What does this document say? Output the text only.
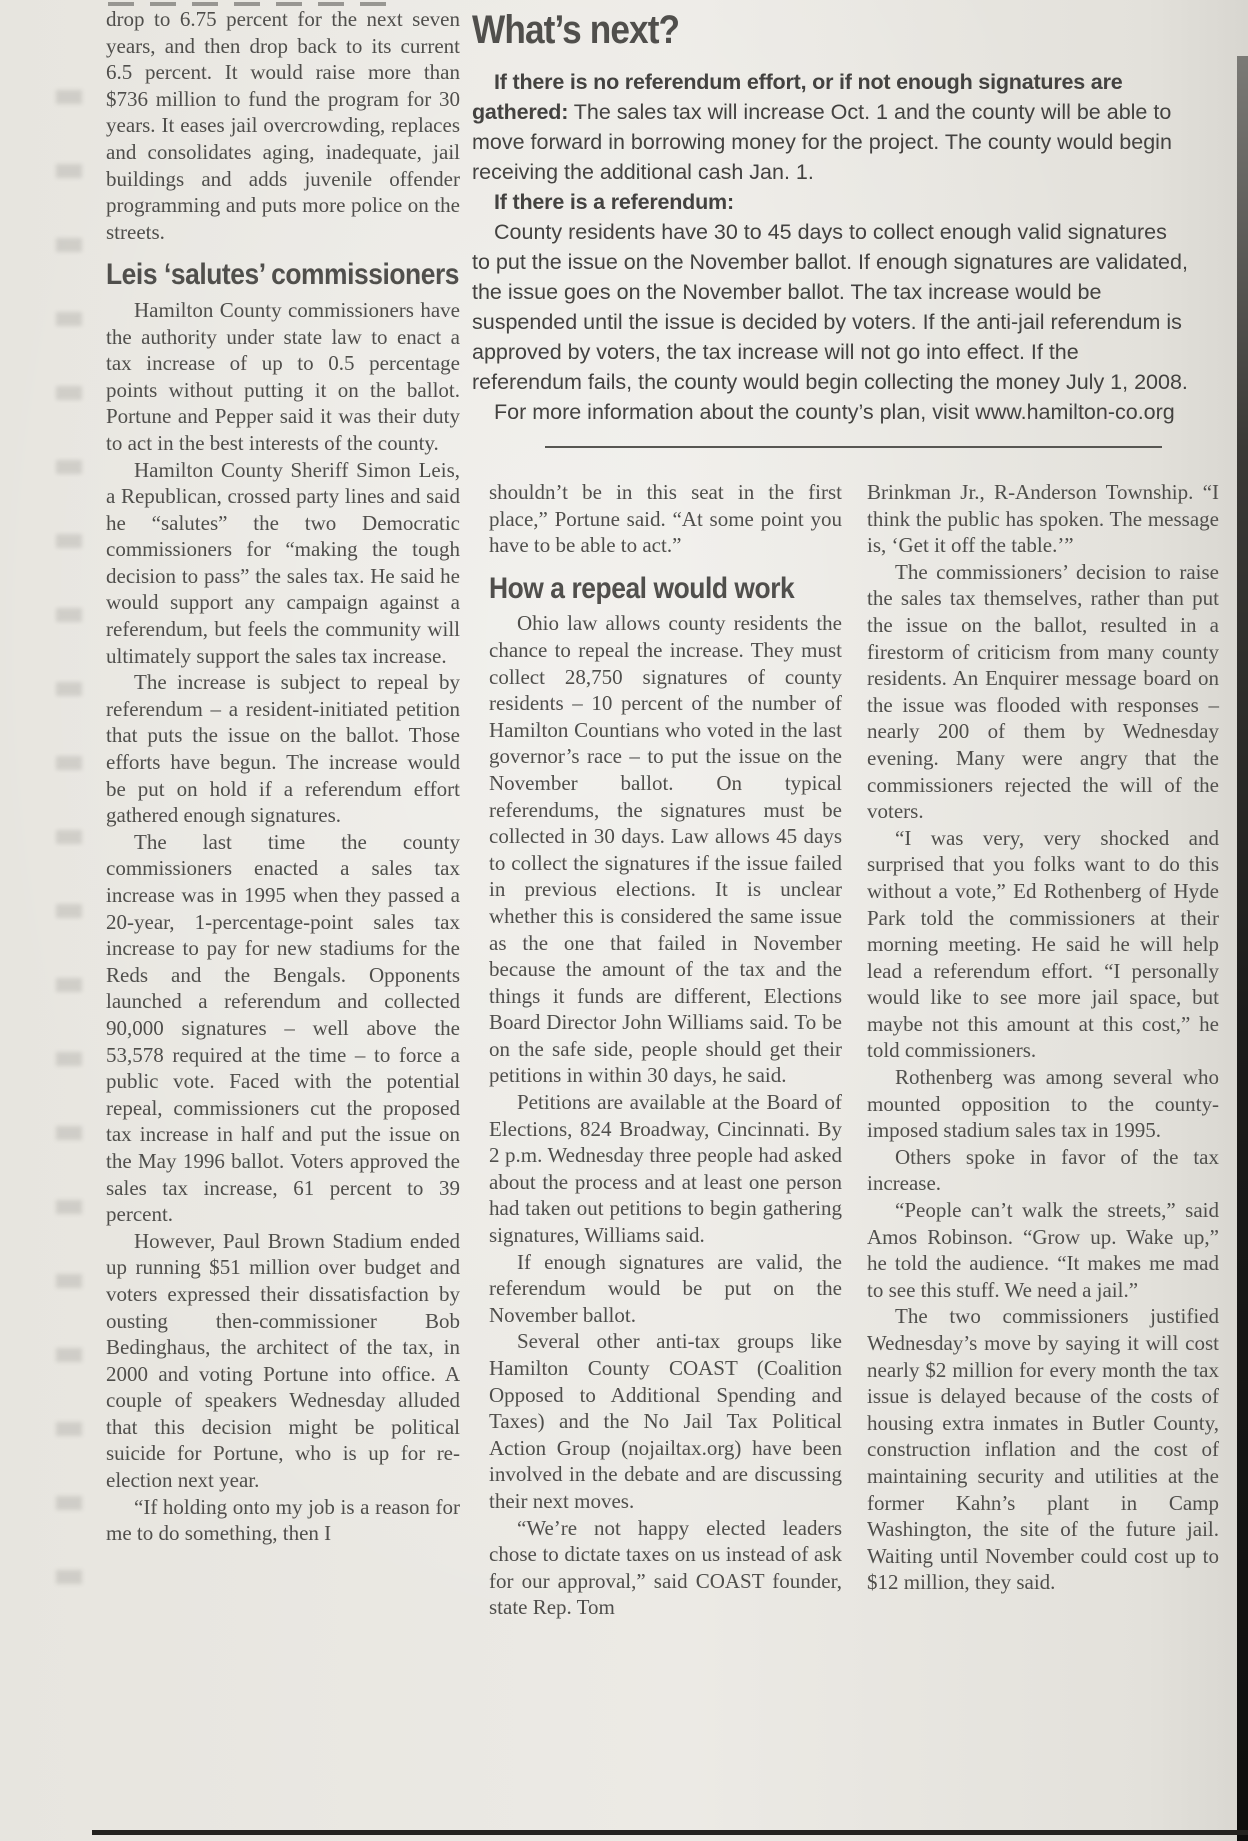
drop to 6.75 percent for the next seven years, and then drop back to its current 6.5 percent. It would raise more than $736 million to fund the program for 30 years. It eases jail overcrowding, replaces and consolidates aging, inadequate, jail buildings and adds juvenile offender programming and puts more police on the streets.

Leis ‘salutes’ commissioners

Hamilton County commissioners have the authority under state law to enact a tax increase of up to 0.5 percentage points without putting it on the ballot. Portune and Pepper said it was their duty to act in the best interests of the county.

Hamilton County Sheriff Simon Leis, a Republican, crossed party lines and said he “salutes” the two Democratic commissioners for “making the tough decision to pass” the sales tax. He said he would support any campaign against a referendum, but feels the community will ultimately support the sales tax increase.

The increase is subject to repeal by referendum – a resident-initiated petition that puts the issue on the ballot. Those efforts have begun. The increase would be put on hold if a referendum effort gathered enough signatures.

The last time the county commissioners enacted a sales tax increase was in 1995 when they passed a 20-year, 1-percentage-point sales tax increase to pay for new stadiums for the Reds and the Bengals. Opponents launched a referendum and collected 90,000 signatures – well above the 53,578 required at the time – to force a public vote. Faced with the potential repeal, commissioners cut the proposed tax increase in half and put the issue on the May 1996 ballot. Voters approved the sales tax increase, 61 percent to 39 percent.

However, Paul Brown Stadium ended up running $51 million over budget and voters expressed their dissatisfaction by ousting then-commissioner Bob Bedinghaus, the architect of the tax, in 2000 and voting Portune into office. A couple of speakers Wednesday alluded that this decision might be political suicide for Portune, who is up for re-election next year.

“If holding onto my job is a reason for me to do something, then I

What’s next?

If there is no referendum effort, or if not enough signatures are gathered: The sales tax will increase Oct. 1 and the county will be able to move forward in borrowing money for the project. The county would begin receiving the additional cash Jan. 1.

If there is a referendum:

County residents have 30 to 45 days to collect enough valid signatures to put the issue on the November ballot. If enough signatures are validated, the issue goes on the November ballot. The tax increase would be suspended until the issue is decided by voters. If the anti-jail referendum is approved by voters, the tax increase will not go into effect. If the referendum fails, the county would begin collecting the money July 1, 2008.

For more information about the county’s plan, visit www.hamilton-co.org

shouldn’t be in this seat in the first place,” Portune said. “At some point you have to be able to act.”

How a repeal would work

Ohio law allows county residents the chance to repeal the increase. They must collect 28,750 signatures of county residents – 10 percent of the number of Hamilton Countians who voted in the last governor’s race – to put the issue on the November ballot. On typical referendums, the signatures must be collected in 30 days. Law allows 45 days to collect the signatures if the issue failed in previous elections. It is unclear whether this is considered the same issue as the one that failed in November because the amount of the tax and the things it funds are different, Elections Board Director John Williams said. To be on the safe side, people should get their petitions in within 30 days, he said.

Petitions are available at the Board of Elections, 824 Broadway, Cincinnati. By 2 p.m. Wednesday three people had asked about the process and at least one person had taken out petitions to begin gathering signatures, Williams said.

If enough signatures are valid, the referendum would be put on the November ballot.

Several other anti-tax groups like Hamilton County COAST (Coalition Opposed to Additional Spending and Taxes) and the No Jail Tax Political Action Group (nojailtax.org) have been involved in the debate and are discussing their next moves.

“We’re not happy elected leaders chose to dictate taxes on us instead of ask for our approval,” said COAST founder, state Rep. Tom

Brinkman Jr., R-Anderson Township. “I think the public has spoken. The message is, ‘Get it off the table.’”

The commissioners’ decision to raise the sales tax themselves, rather than put the issue on the ballot, resulted in a firestorm of criticism from many county residents. An Enquirer message board on the issue was flooded with responses – nearly 200 of them by Wednesday evening. Many were angry that the commissioners rejected the will of the voters.

“I was very, very shocked and surprised that you folks want to do this without a vote,” Ed Rothenberg of Hyde Park told the commissioners at their morning meeting. He said he will help lead a referendum effort. “I personally would like to see more jail space, but maybe not this amount at this cost,” he told commissioners.

Rothenberg was among several who mounted opposition to the county-imposed stadium sales tax in 1995.

Others spoke in favor of the tax increase.

“People can’t walk the streets,” said Amos Robinson. “Grow up. Wake up,” he told the audience. “It makes me mad to see this stuff. We need a jail.”

The two commissioners justified Wednesday’s move by saying it will cost nearly $2 million for every month the tax issue is delayed because of the costs of housing extra inmates in Butler County, construction inflation and the cost of maintaining security and utilities at the former Kahn’s plant in Camp Washington, the site of the future jail. Waiting until November could cost up to $12 million, they said.
